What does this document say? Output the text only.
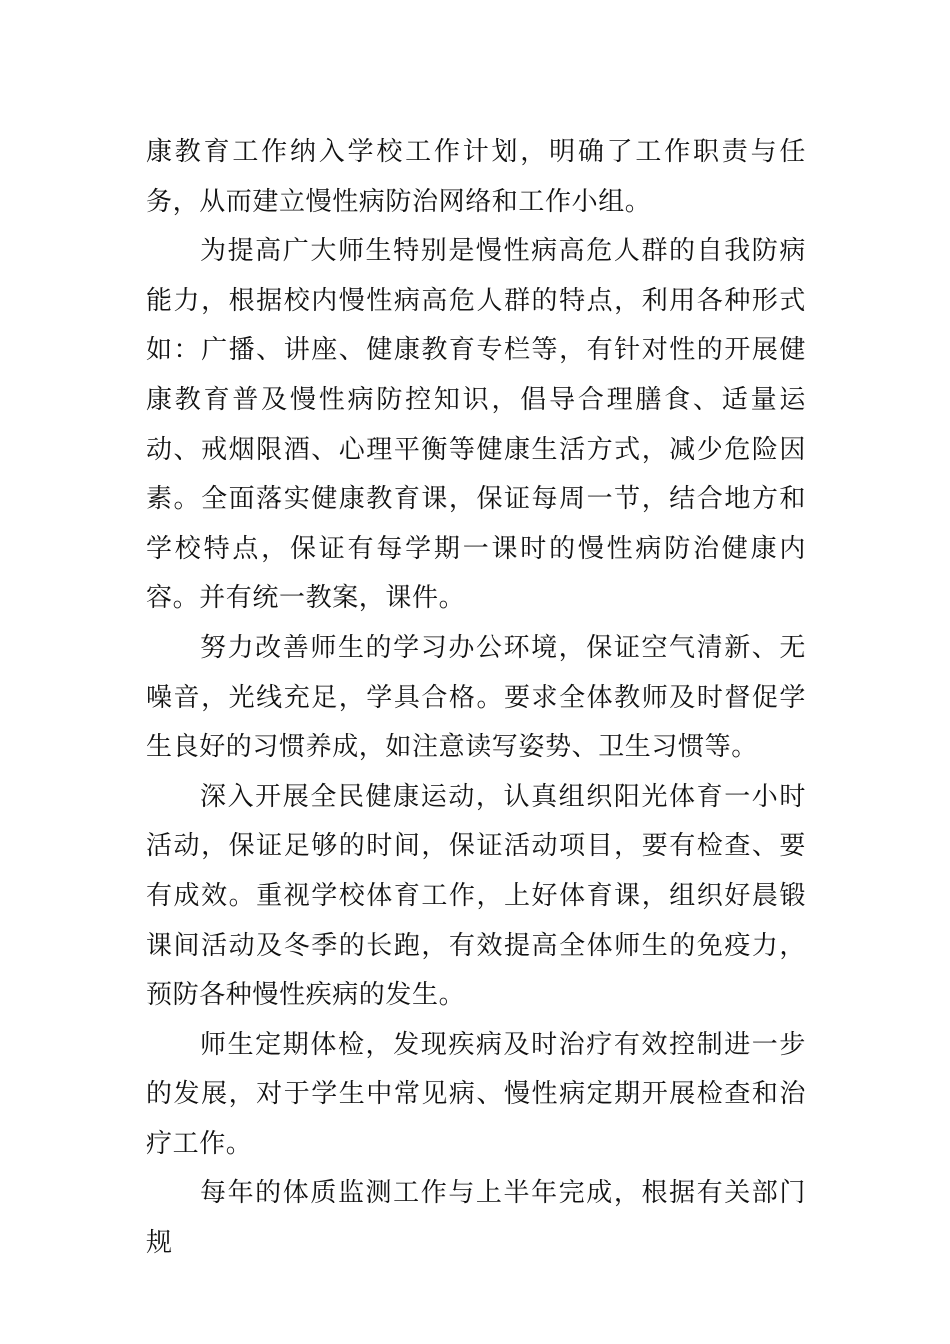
康教育工作纳入学校工作计划，明确了工作职责与任务，从而建立慢性病防治网络和工作小组。

为提高广大师生特别是慢性病高危人群的自我防病能力，根据校内慢性病高危人群的特点，利用各种形式如：广播、讲座、健康教育专栏等，有针对性的开展健康教育普及慢性病防控知识，倡导合理膳食、适量运动、戒烟限酒、心理平衡等健康生活方式，减少危险因素。全面落实健康教育课，保证每周一节，结合地方和学校特点，保证有每学期一课时的慢性病防治健康内容。并有统一教案，课件。

努力改善师生的学习办公环境，保证空气清新、无噪音，光线充足，学具合格。要求全体教师及时督促学生良好的习惯养成，如注意读写姿势、卫生习惯等。

深入开展全民健康运动，认真组织阳光体育一小时活动，保证足够的时间，保证活动项目，要有检查、要有成效。重视学校体育工作，上好体育课，组织好晨锻课间活动及冬季的长跑，有效提高全体师生的免疫力，预防各种慢性疾病的发生。

师生定期体检，发现疾病及时治疗有效控制进一步的发展，对于学生中常见病、慢性病定期开展检查和治疗工作。

每年的体质监测工作与上半年完成，根据有关部门规
